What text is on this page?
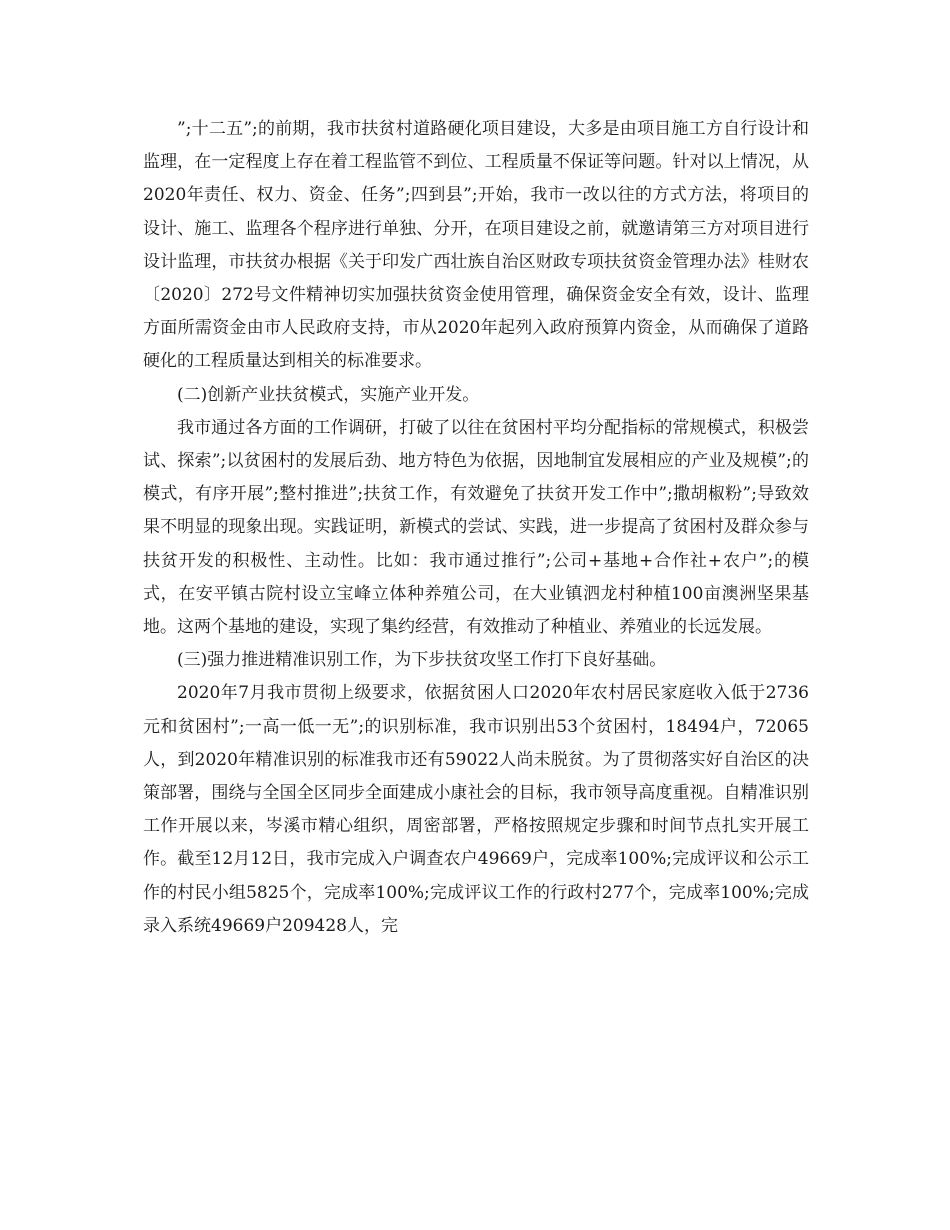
”;十二五”;的前期，我市扶贫村道路硬化项目建设，大多是由项目施工方自行设计和监理，在一定程度上存在着工程监管不到位、工程质量不保证等问题。针对以上情况，从2020年责任、权力、资金、任务”;四到县”;开始，我市一改以往的方式方法，将项目的设计、施工、监理各个程序进行单独、分开，在项目建设之前，就邀请第三方对项目进行设计监理，市扶贫办根据《关于印发广西壮族自治区财政专项扶贫资金管理办法》桂财农〔2020〕272号文件精神切实加强扶贫资金使用管理，确保资金安全有效，设计、监理方面所需资金由市人民政府支持，市从2020年起列入政府预算内资金，从而确保了道路硬化的工程质量达到相关的标准要求。

(二)创新产业扶贫模式，实施产业开发。

我市通过各方面的工作调研，打破了以往在贫困村平均分配指标的常规模式，积极尝试、探索”;以贫困村的发展后劲、地方特色为依据，因地制宜发展相应的产业及规模”;的模式，有序开展”;整村推进”;扶贫工作，有效避免了扶贫开发工作中”;撒胡椒粉”;导致效果不明显的现象出现。实践证明，新模式的尝试、实践，进一步提高了贫困村及群众参与扶贫开发的积极性、主动性。比如：我市通过推行”;公司+基地+合作社+农户”;的模式，在安平镇古院村设立宝峰立体种养殖公司，在大业镇泗龙村种植100亩澳洲坚果基地。这两个基地的建设，实现了集约经营，有效推动了种植业、养殖业的长远发展。

(三)强力推进精准识别工作，为下步扶贫攻坚工作打下良好基础。

2020年7月我市贯彻上级要求，依据贫困人口2020年农村居民家庭收入低于2736元和贫困村”;一高一低一无”;的识别标准，我市识别出53个贫困村，18494户，72065人，到2020年精准识别的标准我市还有59022人尚未脱贫。为了贯彻落实好自治区的决策部署，围绕与全国全区同步全面建成小康社会的目标，我市领导高度重视。自精准识别工作开展以来，岑溪市精心组织，周密部署，严格按照规定步骤和时间节点扎实开展工作。截至12月12日，我市完成入户调查农户49669户，完成率100%;完成评议和公示工作的村民小组5825个，完成率100%;完成评议工作的行政村277个，完成率100%;完成录入系统49669户209428人，完
